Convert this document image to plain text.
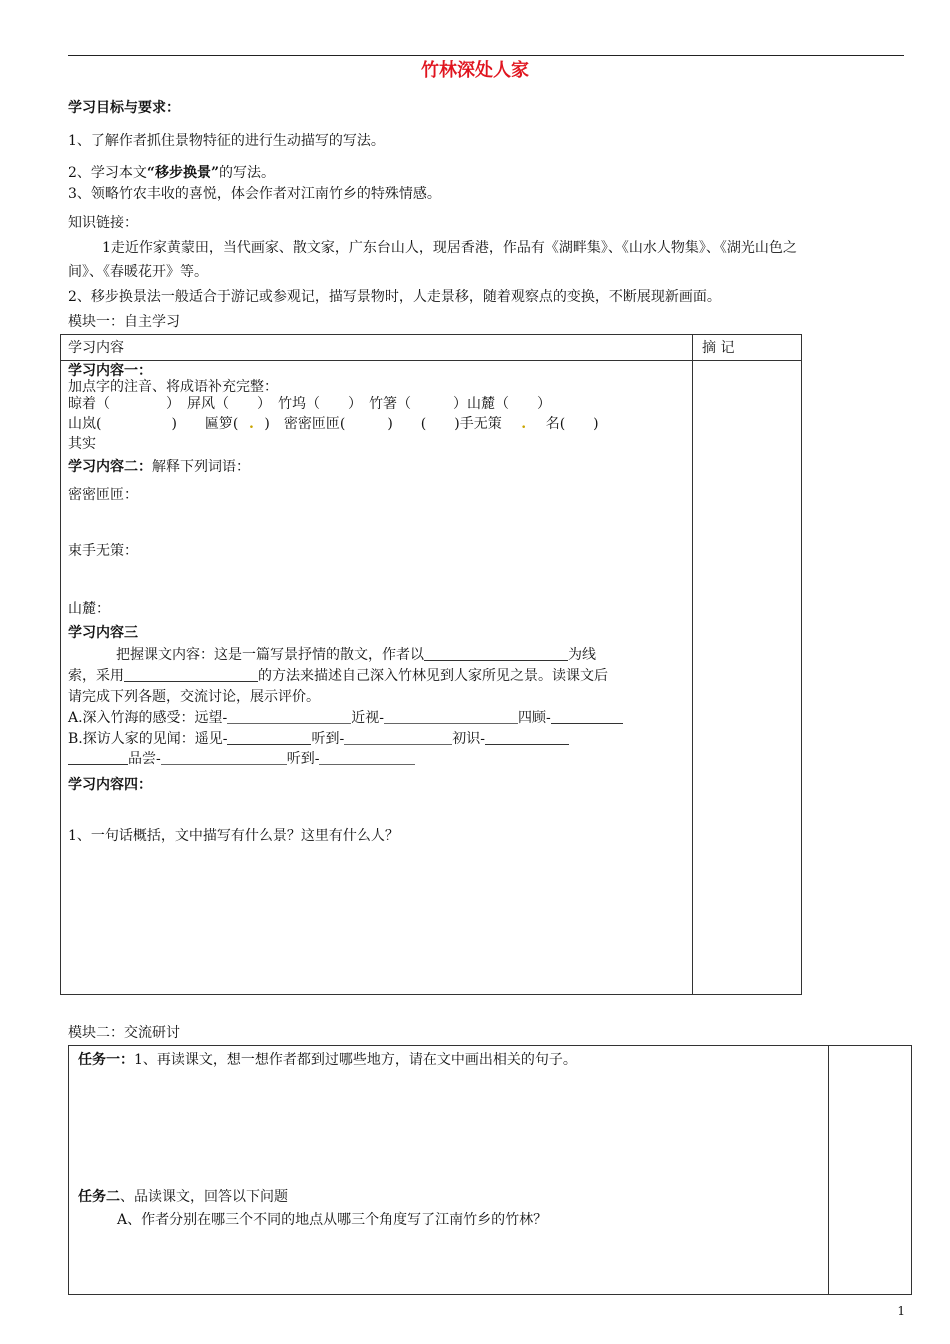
竹林深处人家
学习目标与要求：
1、了解作者抓住景物特征的进行生动描写的写法。
2、学习本文“移步换景”的写法。
3、领略竹农丰收的喜悦，体会作者对江南竹乡的特殊情感。
知识链接：
1走近作家黄蒙田，当代画家、散文家，广东台山人，现居香港，作品有《湖畔集》、《山水人物集》、《湖光山色之
间》、《春暖花开》等。
2、移步换景法一般适合于游记或参观记，描写景物时，人走景移，随着观察点的变换，不断展现新画面。
模块一：自主学习
学习内容	摘 记
学习内容一：
加点字的注音、将成语补充完整：
晾着（　　　　）　屏风（　　）　竹坞（　　）　竹箸（　　　）山麓（　　）
山岚(　　　　　)　　匾箩( . )　密密匝匝(　　　)　　(　　)手无策 . 名(　　)
其实
学习内容二：解释下列词语：
密密匝匝：
束手无策：
山麓：
学习内容三
把握课文内容：这是一篇写景抒情的散文，作者以	为线
索，采用	的方法来描述自己深入竹林见到人家所见之景。读课文后
请完成下列各题，交流讨论，展示评价。
A.深入竹海的感受：远望-	近视-	四顾-
B.探访人家的见闻：遥见-	听到-	初识-
品尝-	听到-
学习内容四：
1、一句话概括，文中描写有什么景？这里有什么人？
模块二：交流研讨
任务一：1、再读课文，想一想作者都到过哪些地方，请在文中画出相关的句子。
任务二、品读课文，回答以下问题
A、作者分别在哪三个不同的地点从哪三个角度写了江南竹乡的竹林？
1
